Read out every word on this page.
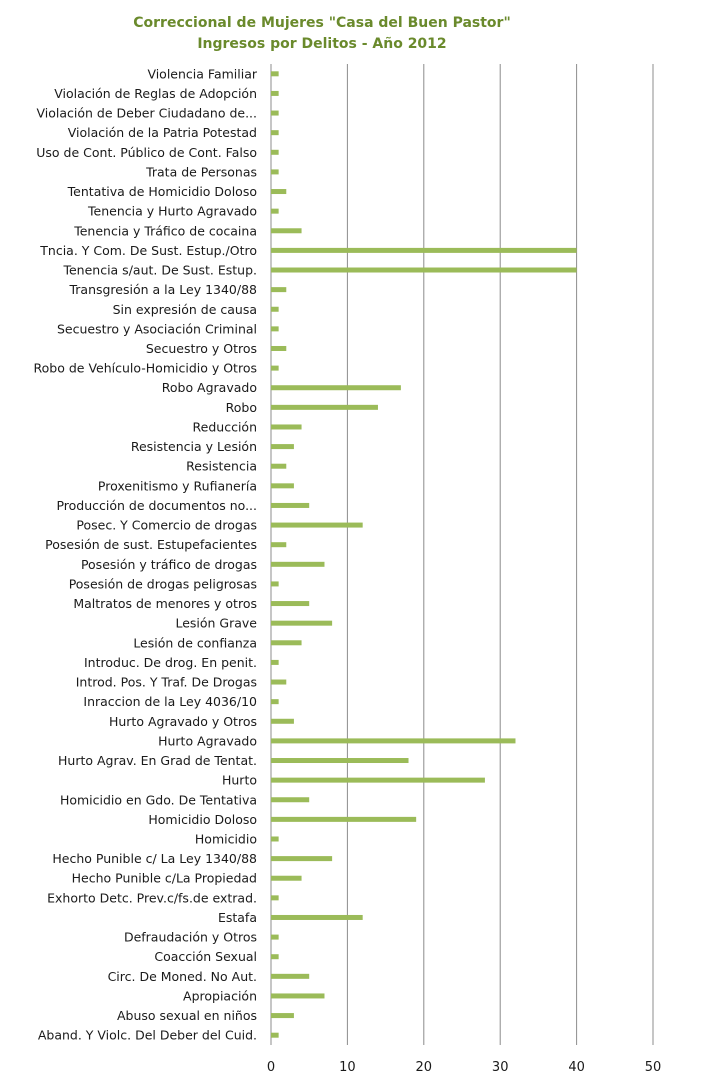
Correccional de Mujeres "Casa del Buen Pastor"
Ingresos por Delitos - Año 2012
Violencia Familiar
Violación de Reglas de Adopción
Violación de Deber Ciudadano de...
Violación de la Patria Potestad
Uso de Cont. Público de Cont. Falso
Trata de Personas
Tentativa de Homicidio Doloso
Tenencia y Hurto Agravado
Tenencia y Tráfico de cocaina
Tncia. Y Com. De Sust. Estup./Otro
Tenencia s/aut. De Sust. Estup.
Transgresión a la Ley 1340/88
Sin expresión de causa
Secuestro y Asociación Criminal
Secuestro y Otros
Robo de Vehículo-Homicidio y Otros
Robo Agravado
Robo
Reducción
Resistencia y Lesión
Resistencia
Proxenitismo y Rufianería
Producción de documentos no...
Posec. Y Comercio de drogas
Posesión de sust. Estupefacientes
Posesión y tráfico de drogas
Posesión de drogas peligrosas
Maltratos de menores y otros
Lesión Grave
Lesión de confianza
Introduc. De drog. En penit.
Introd. Pos. Y Traf. De Drogas
Inraccion de la Ley 4036/10
Hurto Agravado y Otros
Hurto Agravado
Hurto Agrav. En Grad de Tentat.
Hurto
Homicidio en Gdo. De Tentativa
Homicidio Doloso
Homicidio
Hecho Punible c/ La Ley 1340/88
Hecho Punible c/La Propiedad
Exhorto Detc. Prev.c/fs.de extrad.
Estafa
Defraudación y Otros
Coacción Sexual
Circ. De Moned. No Aut.
Apropiación
Abuso sexual en niños
Aband. Y Violc. Del Deber del Cuid.
0	10	20	30	40	50
